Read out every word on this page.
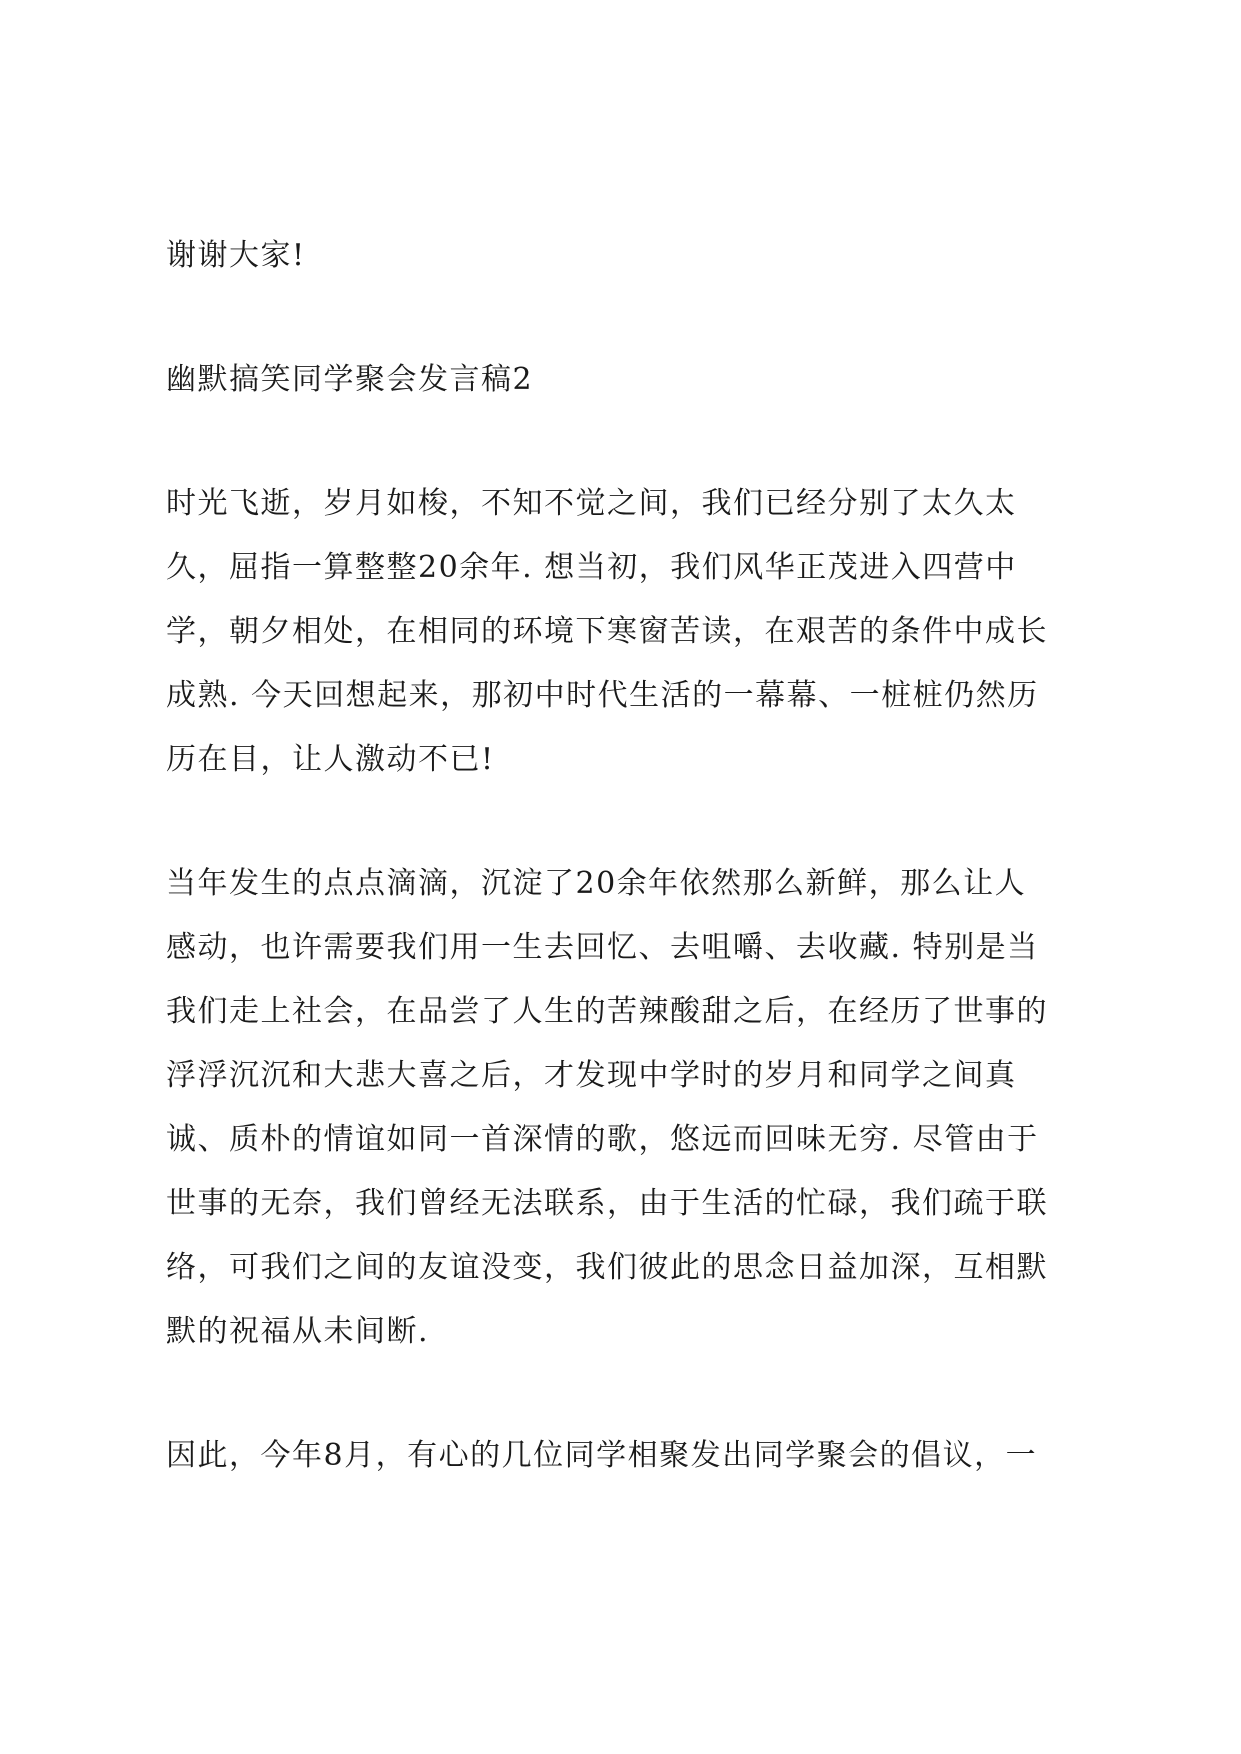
谢谢大家!

幽默搞笑同学聚会发言稿2

时光飞逝，岁月如梭，不知不觉之间，我们已经分别了太久太
久，屈指一算整整20余年. 想当初，我们风华正茂进入四营中
学，朝夕相处，在相同的环境下寒窗苦读，在艰苦的条件中成长
成熟. 今天回想起来，那初中时代生活的一幕幕、一桩桩仍然历
历在目，让人激动不已!

当年发生的点点滴滴，沉淀了20余年依然那么新鲜，那么让人
感动，也许需要我们用一生去回忆、去咀嚼、去收藏. 特别是当
我们走上社会，在品尝了人生的苦辣酸甜之后，在经历了世事的
浮浮沉沉和大悲大喜之后，才发现中学时的岁月和同学之间真
诚、质朴的情谊如同一首深情的歌，悠远而回味无穷. 尽管由于
世事的无奈，我们曾经无法联系，由于生活的忙碌，我们疏于联
络，可我们之间的友谊没变，我们彼此的思念日益加深，互相默
默的祝福从未间断.

因此，今年8月，有心的几位同学相聚发出同学聚会的倡议，一
